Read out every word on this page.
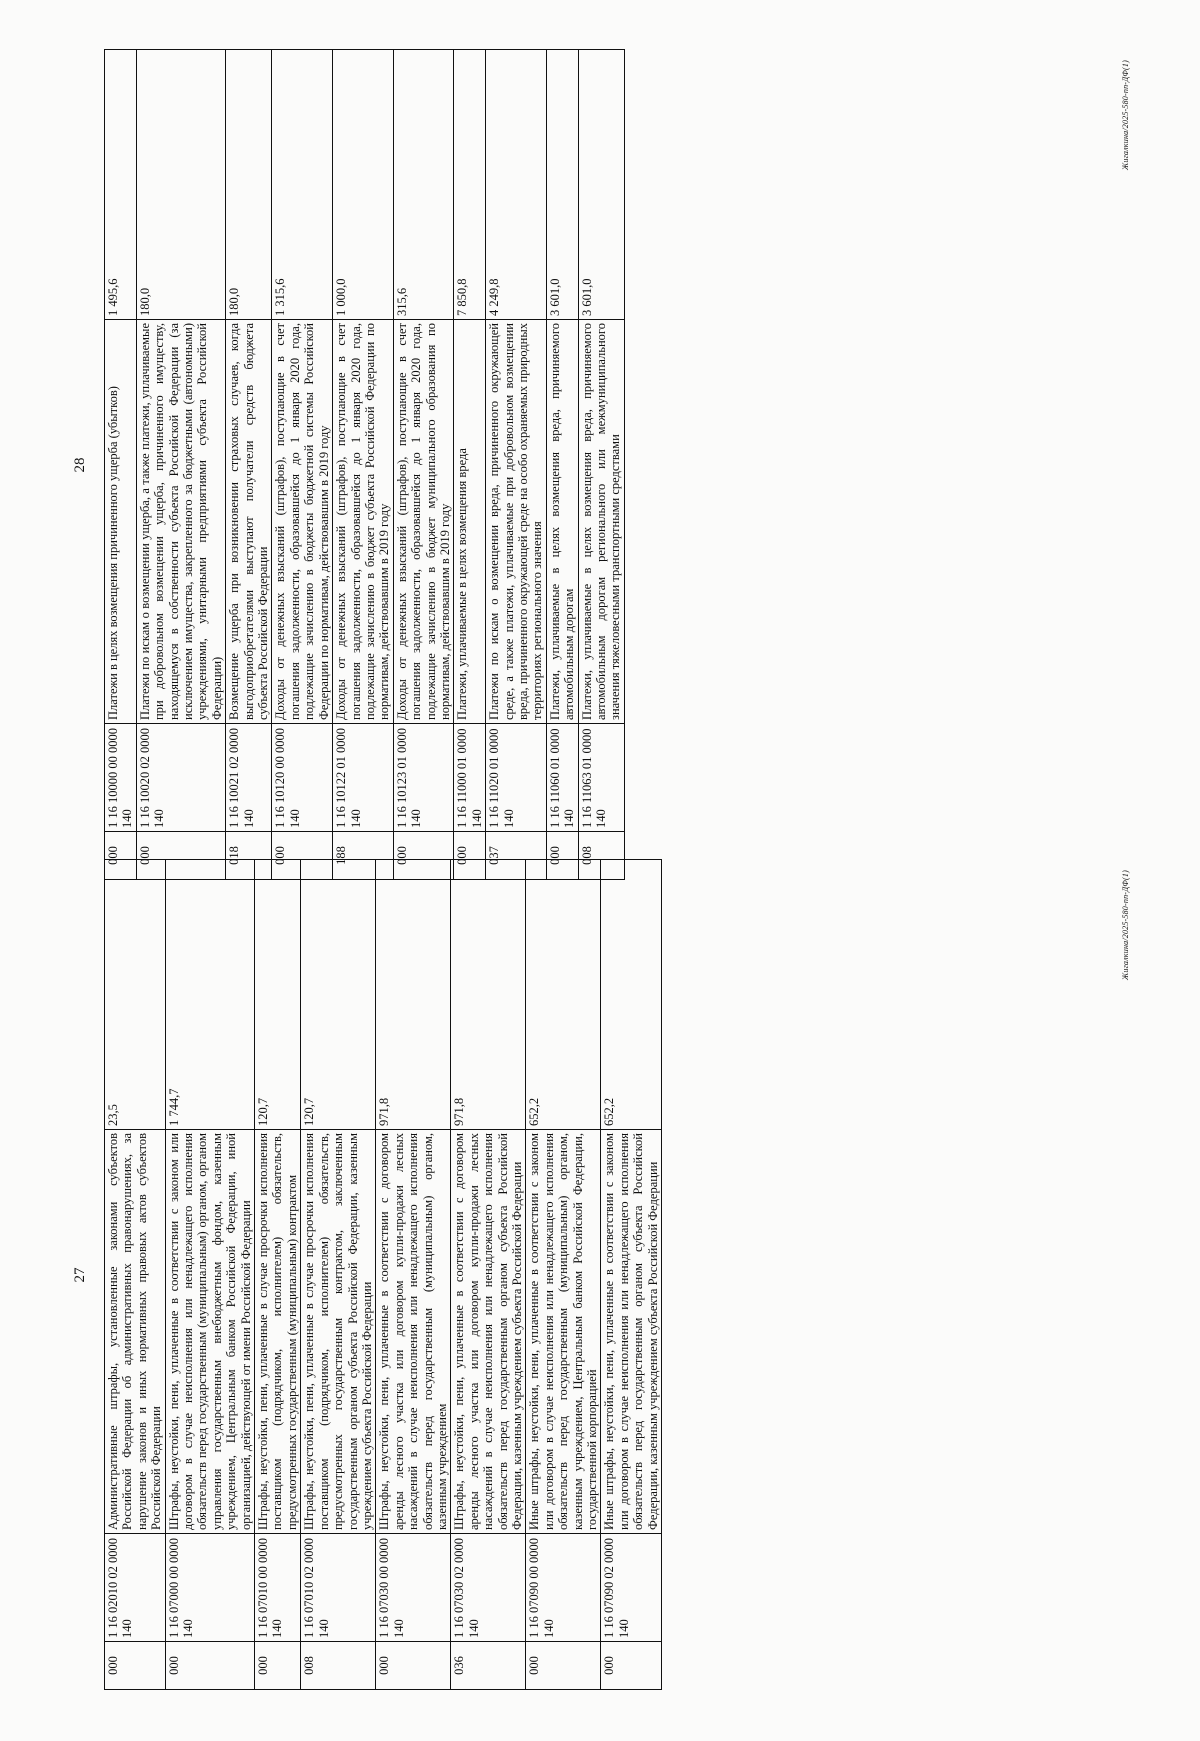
27
000	1 16 02010 02 0000 140	Административные штрафы, установленные законами субъектов Российской Федерации об административных правонарушениях, за нарушение законов и иных нормативных правовых актов субъектов Российской Федерации	23,5
000	1 16 07000 00 0000 140	Штрафы, неустойки, пени, уплаченные в соответствии с законом или договором в случае неисполнения или ненадлежащего исполнения обязательств перед государственным (муниципальным) органом, органом управления государственным внебюджетным фондом, казенным учреждением, Центральным банком Российской Федерации, иной организацией, действующей от имени Российской Федерации	1 744,7
000	1 16 07010 00 0000 140	Штрафы, неустойки, пени, уплаченные в случае просрочки исполнения поставщиком (подрядчиком, исполнителем) обязательств, предусмотренных государственным (муниципальным) контрактом	120,7
008	1 16 07010 02 0000 140	Штрафы, неустойки, пени, уплаченные в случае просрочки исполнения поставщиком (подрядчиком, исполнителем) обязательств, предусмотренных государственным контрактом, заключенным государственным органом субъекта Российской Федерации, казенным учреждением субъекта Российской Федерации	120,7
000	1 16 07030 00 0000 140	Штрафы, неустойки, пени, уплаченные в соответствии с договором аренды лесного участка или договором купли-продажи лесных насаждений в случае неисполнения или ненадлежащего исполнения обязательств перед государственным (муниципальным) органом, казенным учреждением	971,8
036	1 16 07030 02 0000 140	Штрафы, неустойки, пени, уплаченные в соответствии с договором аренды лесного участка или договором купли-продажи лесных насаждений в случае неисполнения или ненадлежащего исполнения обязательств перед государственным органом субъекта Российской Федерации, казенным учреждением субъекта Российской Федерации	971,8
000	1 16 07090 00 0000 140	Иные штрафы, неустойки, пени, уплаченные в соответствии с законом или договором в случае неисполнения или ненадлежащего исполнения обязательств перед государственным (муниципальным) органом, казенным учреждением, Центральным банком Российской Федерации, государственной корпорацией	652,2
000	1 16 07090 02 0000 140	Иные штрафы, неустойки, пени, уплаченные в соответствии с законом или договором в случае неисполнения или ненадлежащего исполнения обязательств перед государственным органом субъекта Российской Федерации, казенным учреждением субъекта Российской Федерации	652,2
Жигалкина/2025-580-пп-ДФ(1)
28
000	1 16 10000 00 0000 140	Платежи в целях возмещения причиненного ущерба (убытков)	1 495,6
000	1 16 10020 02 0000 140	Платежи по искам о возмещении ущерба, а также платежи, уплачиваемые при добровольном возмещении ущерба, причиненного имуществу, находящемуся в собственности субъекта Российской Федерации (за исключением имущества, закрепленного за бюджетными (автономными) учреждениями, унитарными предприятиями субъекта Российской Федерации)	180,0
018	1 16 10021 02 0000 140	Возмещение ущерба при возникновении страховых случаев, когда выгодоприобретателями выступают получатели средств бюджета субъекта Российской Федерации	180,0
000	1 16 10120 00 0000 140	Доходы от денежных взысканий (штрафов), поступающие в счет погашения задолженности, образовавшейся до 1 января 2020 года, подлежащие зачислению в бюджеты бюджетной системы Российской Федерации по нормативам, действовавшим в 2019 году	1 315,6
188	1 16 10122 01 0000 140	Доходы от денежных взысканий (штрафов), поступающие в счет погашения задолженности, образовавшейся до 1 января 2020 года, подлежащие зачислению в бюджет субъекта Российской Федерации по нормативам, действовавшим в 2019 году	1 000,0
000	1 16 10123 01 0000 140	Доходы от денежных взысканий (штрафов), поступающие в счет погашения задолженности, образовавшейся до 1 января 2020 года, подлежащие зачислению в бюджет муниципального образования по нормативам, действовавшим в 2019 году	315,6
000	1 16 11000 01 0000 140	Платежи, уплачиваемые в целях возмещения вреда	7 850,8
037	1 16 11020 01 0000 140	Платежи по искам о возмещении вреда, причиненного окружающей среде, а также платежи, уплачиваемые при добровольном возмещении вреда, причиненного окружающей среде на особо охраняемых природных территориях регионального значения	4 249,8
000	1 16 11060 01 0000 140	Платежи, уплачиваемые в целях возмещения вреда, причиняемого автомобильным дорогам	3 601,0
008	1 16 11063 01 0000 140	Платежи, уплачиваемые в целях возмещения вреда, причиняемого автомобильным дорогам регионального или межмуниципального значения тяжеловесными транспортными средствами	3 601,0
Жигалкина/2025-580-пп-ДФ(1)
